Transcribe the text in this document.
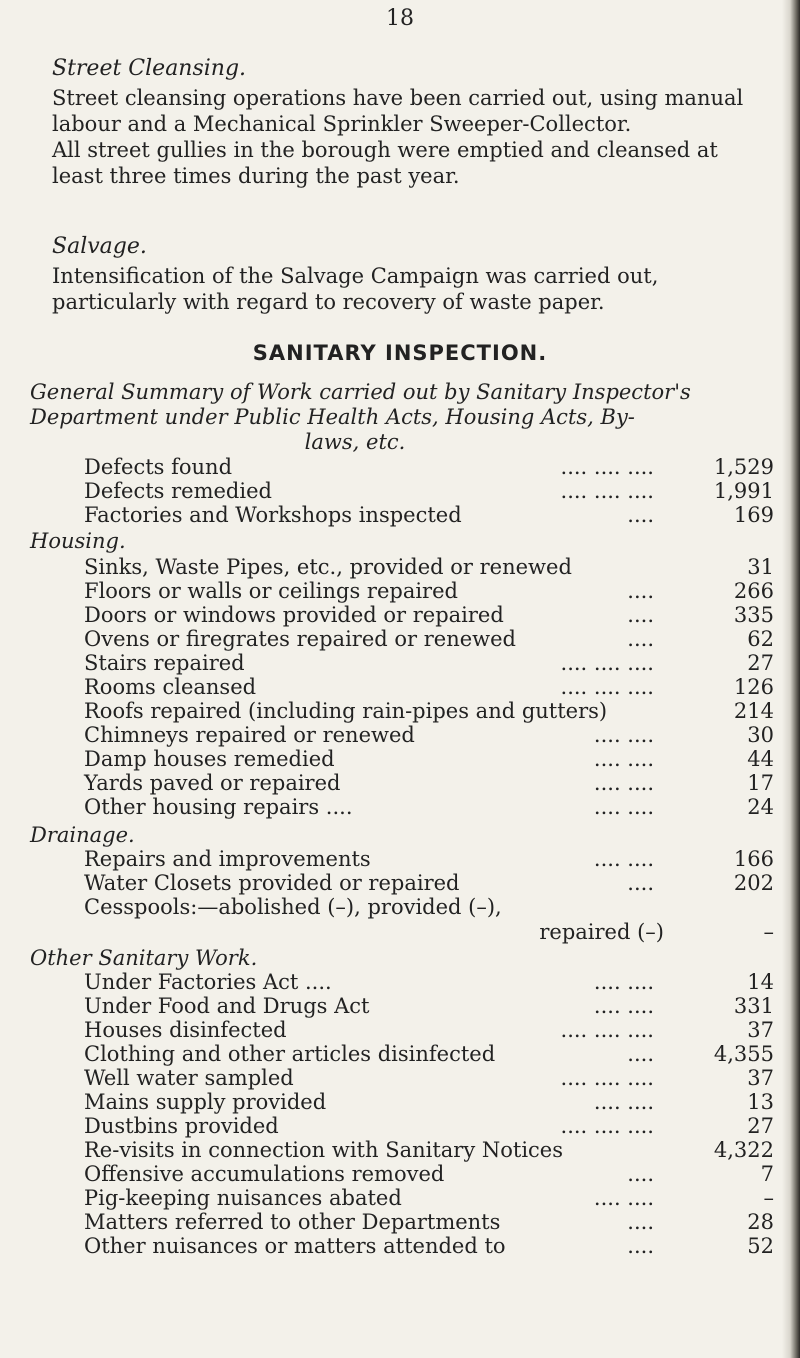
18
Street Cleansing.
Street cleansing operations have been carried out, using manual labour and a Mechanical Sprinkler Sweeper-Collector.
All street gullies in the borough were emptied and cleansed at least three times during the past year.
Salvage.
Intensification of the Salvage Campaign was carried out, particularly with regard to recovery of waste paper.
SANITARY INSPECTION.
General Summary of Work carried out by Sanitary Inspector's
Department under Public Health Acts, Housing Acts, By-
laws, etc.
Defects found	.... .... ....	1,529
Defects remedied	.... .... ....	1,991
Factories and Workshops inspected	....	169
Housing.
Sinks, Waste Pipes, etc., provided or renewed	31
Floors or walls or ceilings repaired	....	266
Doors or windows provided or repaired	....	335
Ovens or firegrates repaired or renewed	....	62
Stairs repaired	.... .... ....	27
Rooms cleansed	.... .... ....	126
Roofs repaired (including rain-pipes and gutters)	214
Chimneys repaired or renewed	.... ....	30
Damp houses remedied	.... ....	44
Yards paved or repaired	.... ....	17
Other housing repairs ....	.... ....	24
Drainage.
Repairs and improvements	.... ....	166
Water Closets provided or repaired	....	202
Cesspools:—abolished (–), provided (–),
repaired (–)	–
Other Sanitary Work.
Under Factories Act ....	.... ....	14
Under Food and Drugs Act	.... ....	331
Houses disinfected	.... .... ....	37
Clothing and other articles disinfected	....	4,355
Well water sampled	.... .... ....	37
Mains supply provided	.... ....	13
Dustbins provided	.... .... ....	27
Re-visits in connection with Sanitary Notices	4,322
Offensive accumulations removed	....	7
Pig-keeping nuisances abated	.... ....	–
Matters referred to other Departments	....	28
Other nuisances or matters attended to	....	52
